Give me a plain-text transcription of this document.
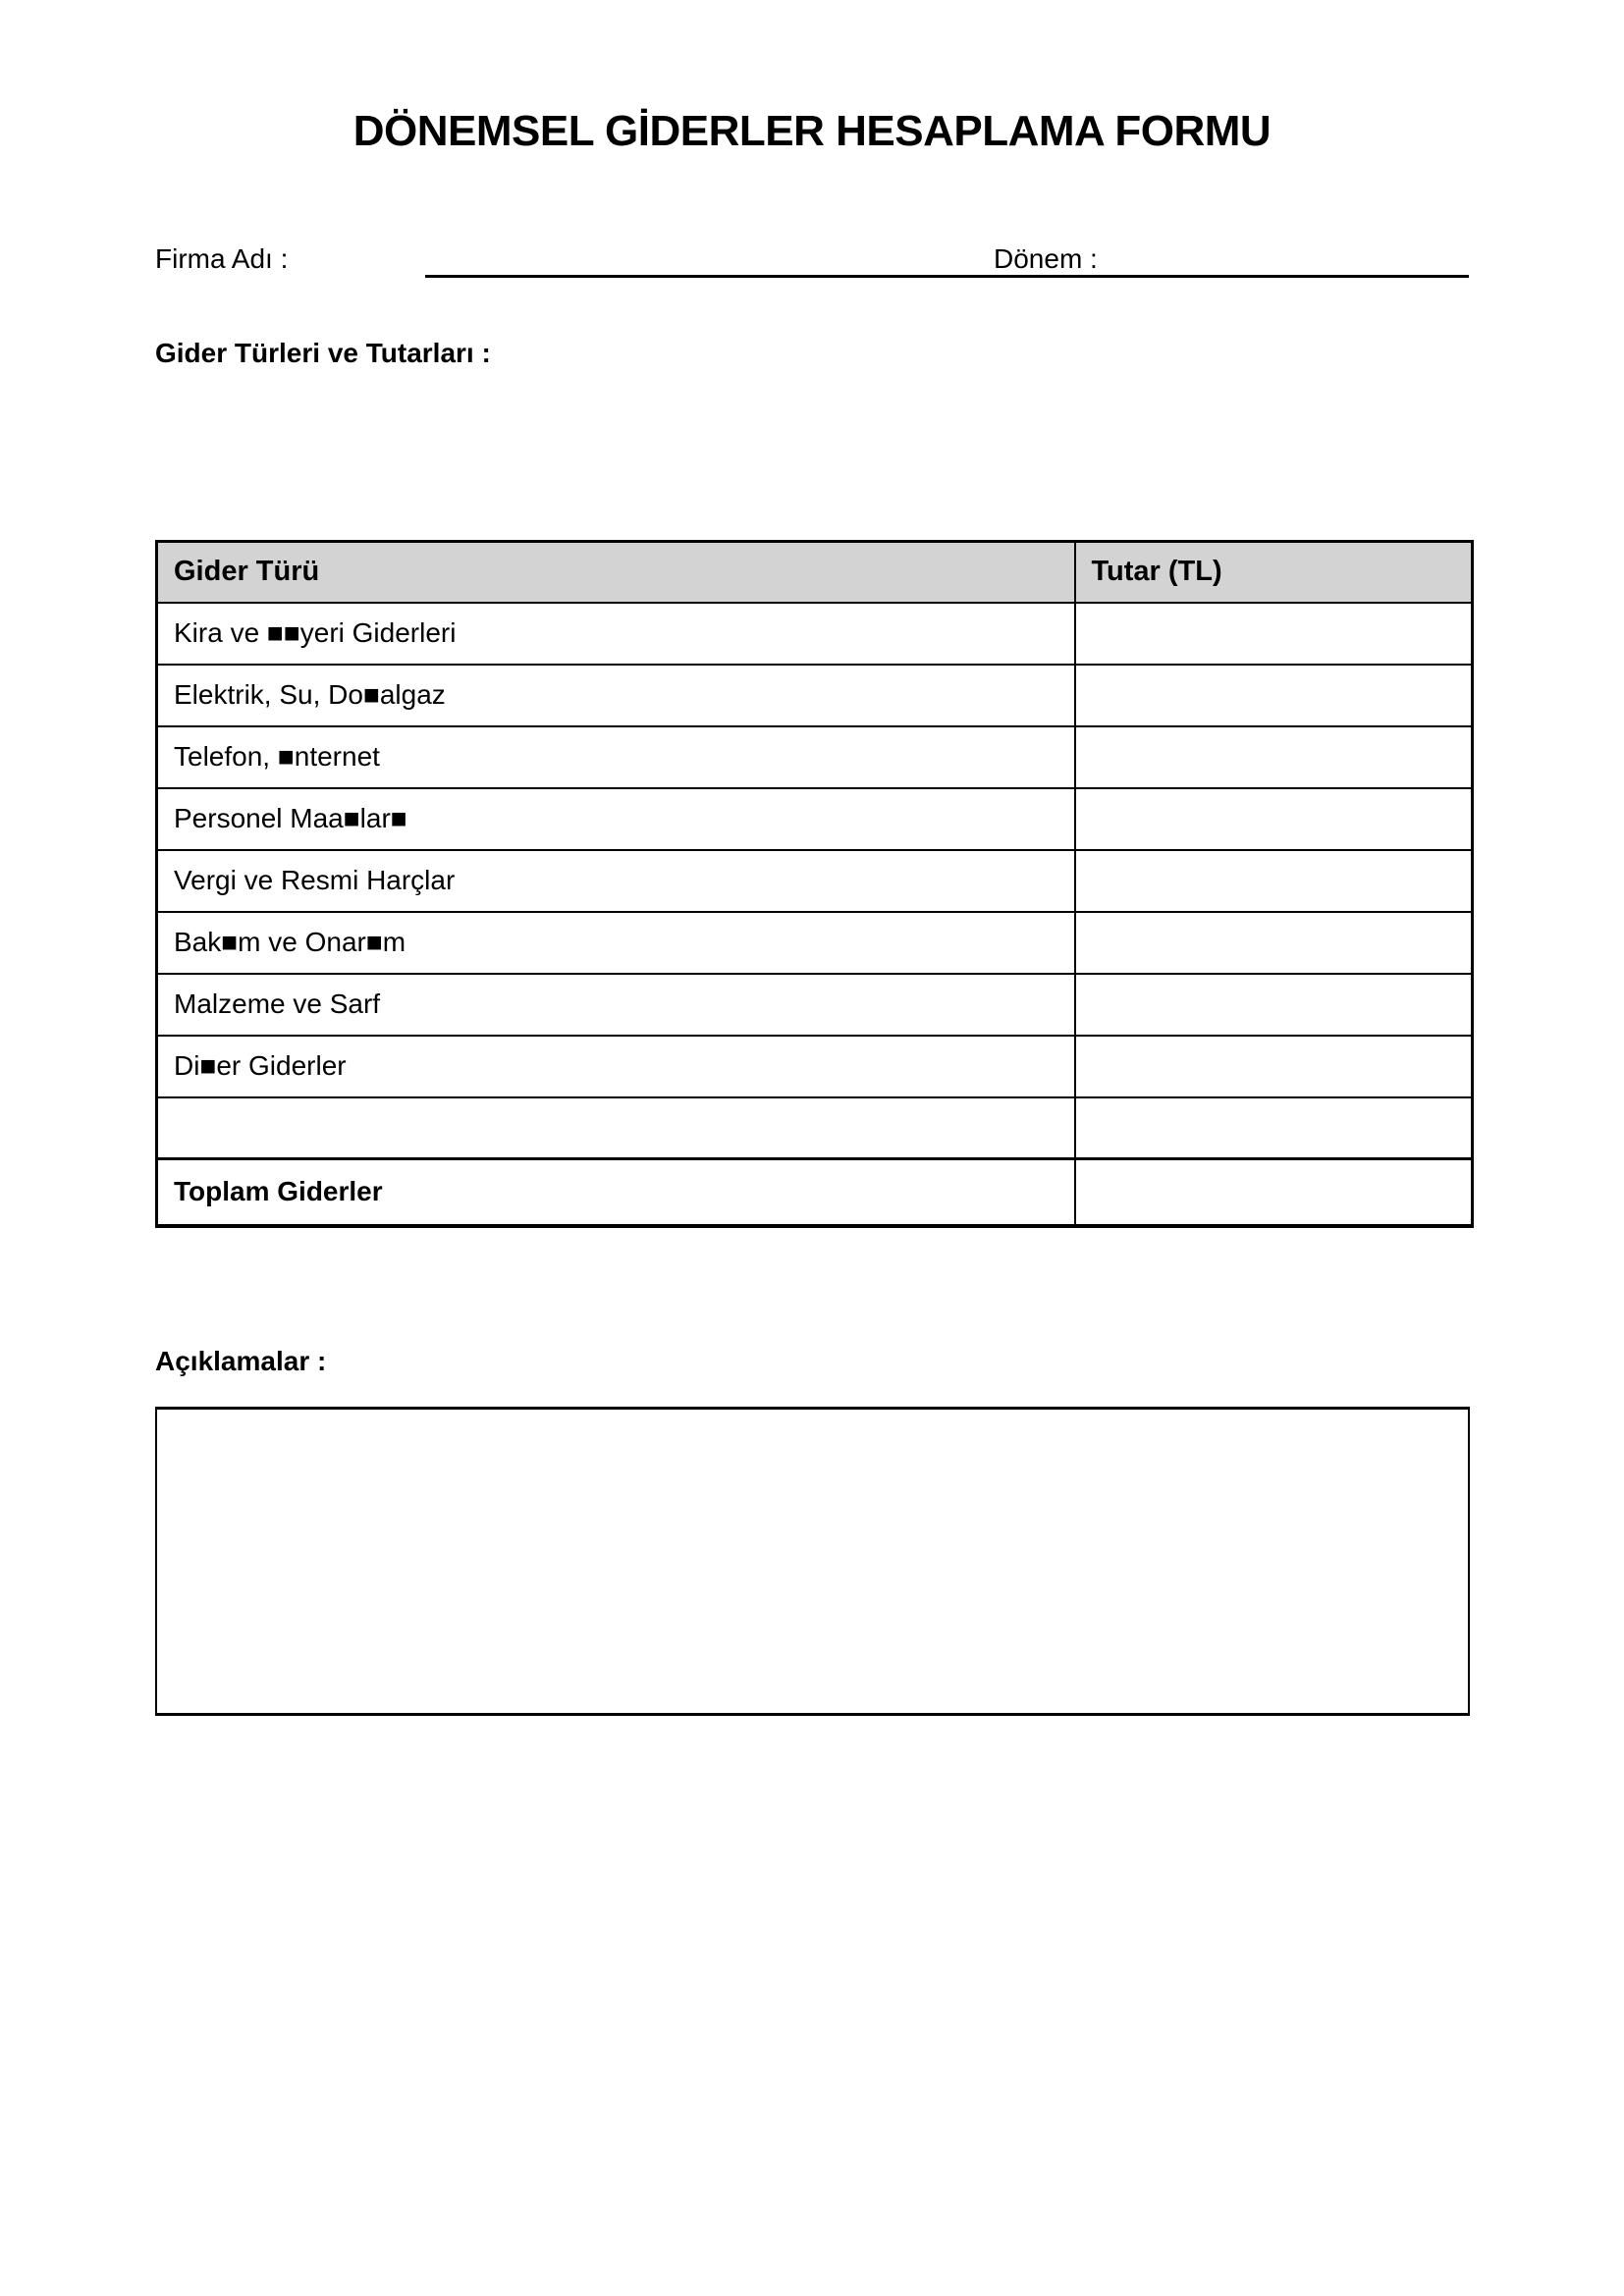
DÖNEMSEL GİDERLER HESAPLAMA FORMU
Firma Adı :	Dönem :
Gider Türleri ve Tutarları :
Gider Türü	Tutar (TL)
Kira ve ■■yeri Giderleri	
Elektrik, Su, Do■algaz	
Telefon, ■nternet	
Personel Maa■lar■	
Vergi ve Resmi Harçlar	
Bak■m ve Onar■m	
Malzeme ve Sarf	
Di■er Giderler	

Toplam Giderler	
Açıklamalar :
